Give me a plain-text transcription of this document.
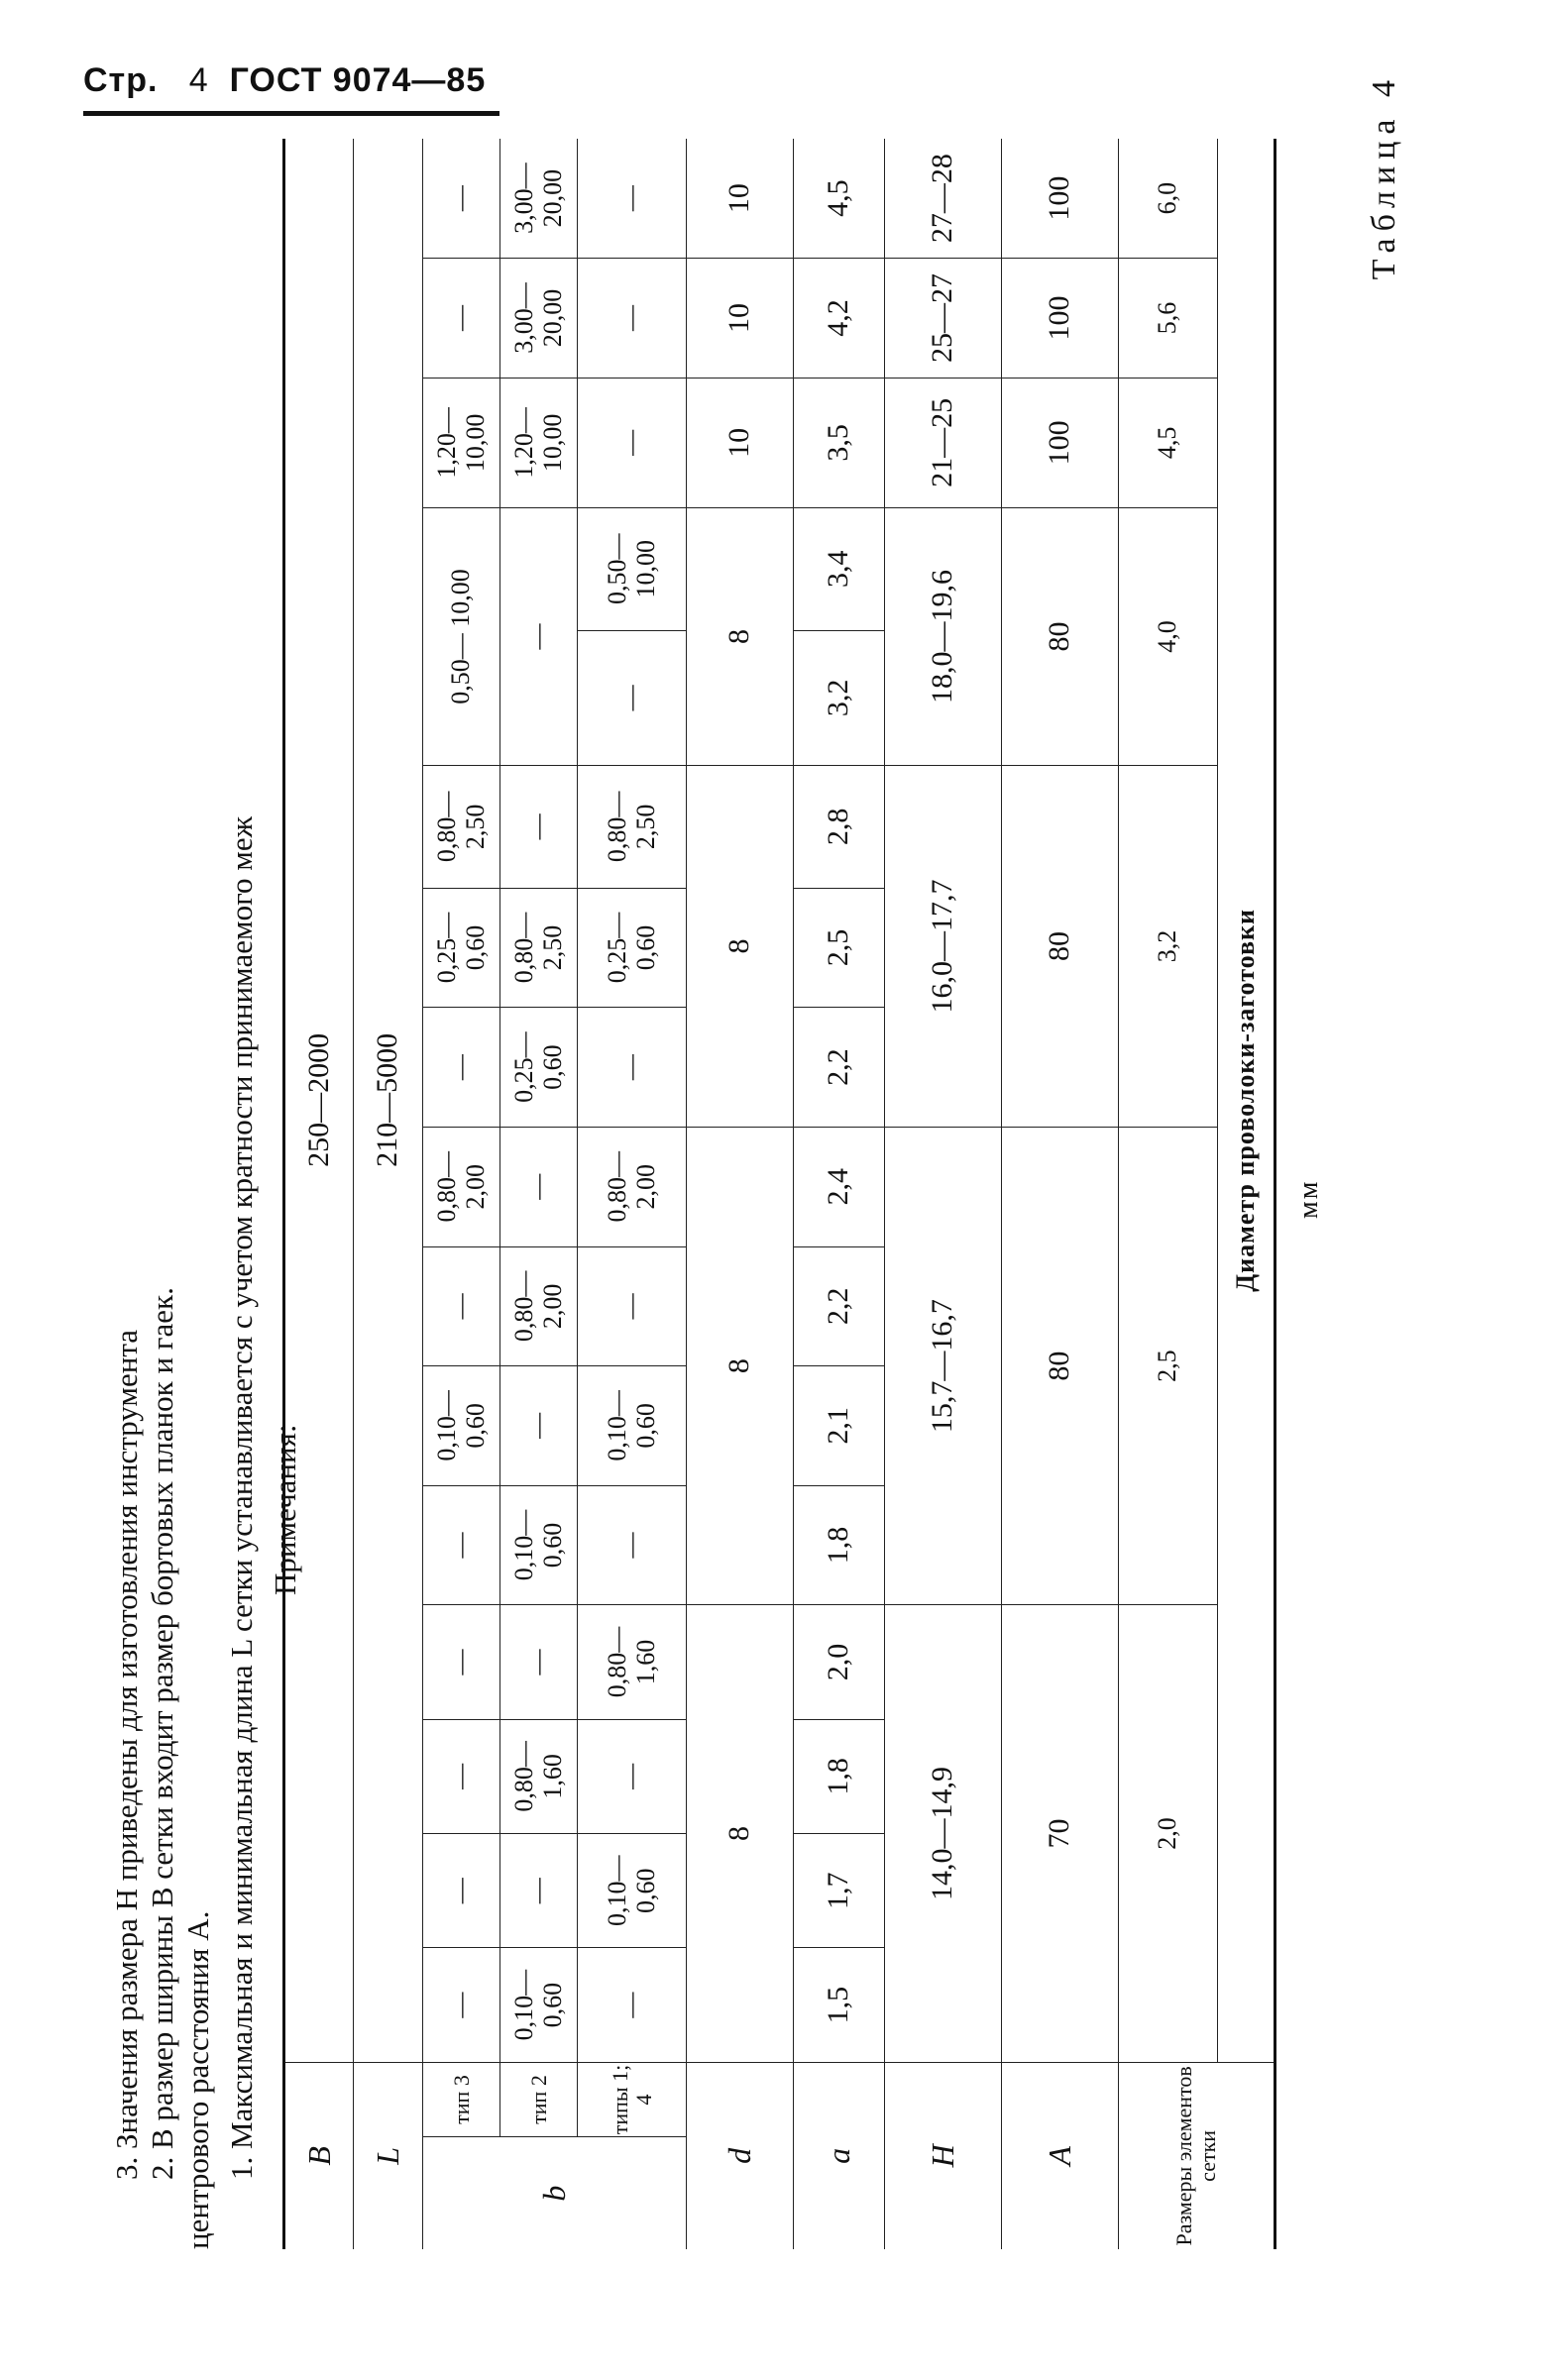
Стр. 4 ГОСТ 9074—85	Таблица 4
мм
B		250—2000															
L		210—5000															
b	тип 3	—	—	—	—	—	0,10— 0,60	—	0,80— 2,00	—	0,25— 0,60	0,80— 2,50	0,50— 10,00		1,20— 10,00	—	—
	тип 2	0,10— 0,60	—	0,80— 1,60	—	0,10— 0,60	—	0,80— 2,00	—	0,25— 0,60	0,80— 2,50	—	—		1,20— 10,00	3,00— 20,00	3,00— 20,00
	типы 1; 4	—	0,10— 0,60	—	0,80— 1,60	—	0,10— 0,60	—	0,80— 2,00	—	0,25— 0,60	0,80— 2,50	—	0,50— 10,00	—	—	—
d		8				8				8			8		10	10	10
a		1,5	1,7	1,8	2,0	1,8	2,1	2,2	2,4	2,2	2,5	2,8	3,2	3,4	3,5	4,2	4,5
H		14,0—14,9				15,7—16,7				16,0—17,7			18,0—19,6		21—25	25—27	27—28
A		70				80				80			80		100	100	100
Размеры элементов сетки		2,0				2,5				3,2			4,0		4,5	5,6	6,0
		Диаметр проволоки-заготовки															
Примечания:
1. Максимальная и минимальная длина L сетки устанавливается с учетом кратности принимаемого меж
центрового расстояния A.
2. В размер ширины B сетки входит размер бортовых планок и гаек.
3. Значения размера H приведены для изготовления инструмента
